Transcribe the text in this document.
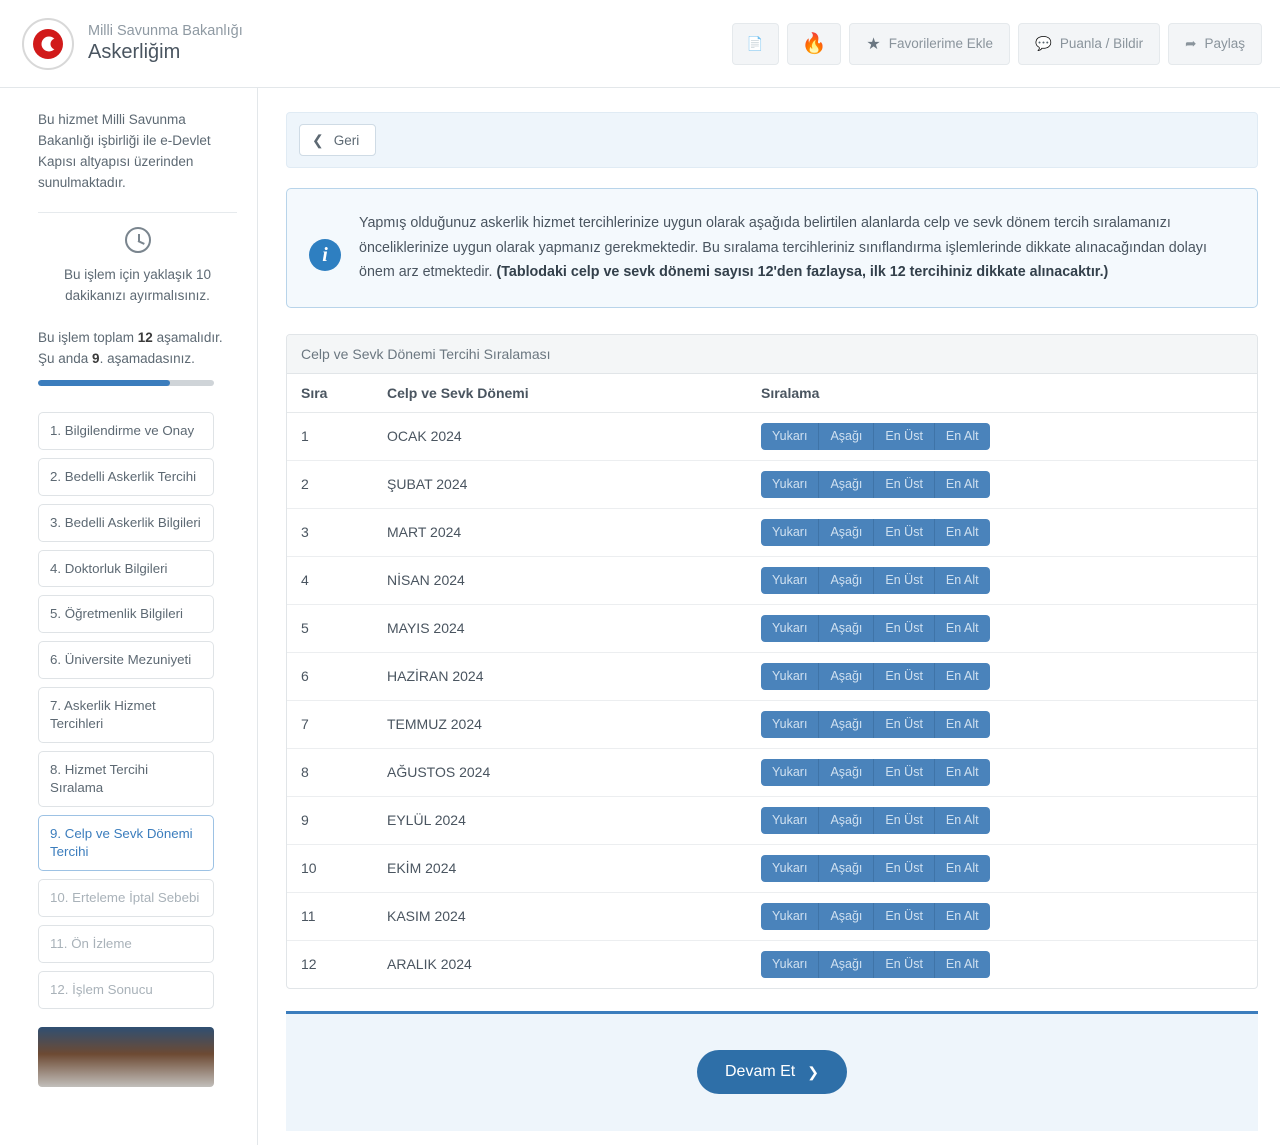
Milli Savunma Bakanlığı
Askerliğim	📄 🔥	★ Favorilerime Ekle	💬 Puanla / Bildir	➦ Paylaş
Bu hizmet Milli Savunma Bakanlığı işbirliği ile e-Devlet Kapısı altyapısı üzerinden sunulmaktadır.
Bu işlem için yaklaşık 10 dakikanızı ayırmalısınız.
Bu işlem toplam 12 aşamalıdır. Şu anda 9. aşamadasınız.
1. Bilgilendirme ve Onay
2. Bedelli Askerlik Tercihi
3. Bedelli Askerlik Bilgileri
4. Doktorluk Bilgileri
5. Öğretmenlik Bilgileri
6. Üniversite Mezuniyeti
7. Askerlik Hizmet Tercihleri
8. Hizmet Tercihi Sıralama
9. Celp ve Sevk Dönemi Tercihi
10. Erteleme İptal Sebebi
11. Ön İzleme
12. İşlem Sonucu
❮ Geri
i
Yapmış olduğunuz askerlik hizmet tercihlerinize uygun olarak aşağıda belirtilen alanlarda celp ve sevk dönem tercih sıralamanızı önceliklerinize uygun olarak yapmanız gerekmektedir. Bu sıralama tercihleriniz sınıflandırma işlemlerinde dikkate alınacağından dolayı önem arz etmektedir. (Tablodaki celp ve sevk dönemi sayısı 12'den fazlaysa, ilk 12 tercihiniz dikkate alınacaktır.)
Celp ve Sevk Dönemi Tercihi Sıralaması
Sıra	Celp ve Sevk Dönemi	Sıralama
1	OCAK 2024	Yukarı Aşağı En Üst En Alt

2	ŞUBAT 2024	Yukarı Aşağı En Üst En Alt

3	MART 2024	Yukarı Aşağı En Üst En Alt

4	NİSAN 2024	Yukarı Aşağı En Üst En Alt

5	MAYIS 2024	Yukarı Aşağı En Üst En Alt

6	HAZİRAN 2024	Yukarı Aşağı En Üst En Alt

7	TEMMUZ 2024	Yukarı Aşağı En Üst En Alt

8	AĞUSTOS 2024	Yukarı Aşağı En Üst En Alt

9	EYLÜL 2024	Yukarı Aşağı En Üst En Alt

10	EKİM 2024	Yukarı Aşağı En Üst En Alt

11	KASIM 2024	Yukarı Aşağı En Üst En Alt

12	ARALIK 2024	Yukarı Aşağı En Üst En Alt
Devam Et ❯
